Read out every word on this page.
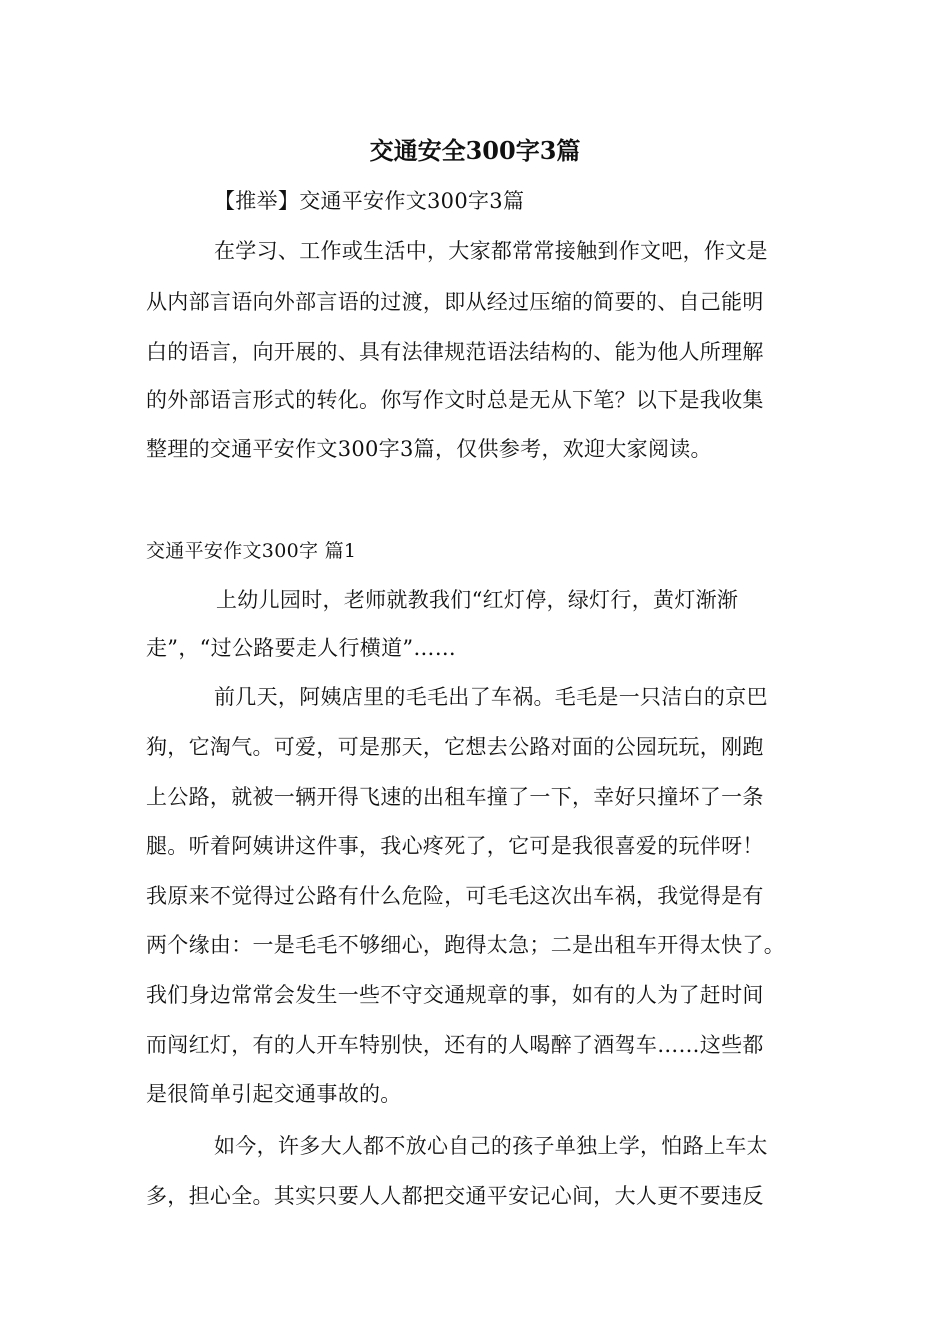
交通安全300字3篇
【推举】交通平安作文300字3篇
在学习、工作或生活中，大家都常常接触到作文吧，作文是
从内部言语向外部言语的过渡，即从经过压缩的简要的、自己能明
白的语言，向开展的、具有法律规范语法结构的、能为他人所理解
的外部语言形式的转化。你写作文时总是无从下笔？以下是我收集
整理的交通平安作文300字3篇，仅供参考，欢迎大家阅读。
交通平安作文300字 篇1
上幼儿园时，老师就教我们“红灯停，绿灯行，黄灯渐渐
走”，“过公路要走人行横道”……
前几天，阿姨店里的毛毛出了车祸。毛毛是一只洁白的京巴
狗，它淘气。可爱，可是那天，它想去公路对面的公园玩玩，刚跑
上公路，就被一辆开得飞速的出租车撞了一下，幸好只撞坏了一条
腿。听着阿姨讲这件事，我心疼死了，它可是我很喜爱的玩伴呀！
我原来不觉得过公路有什么危险，可毛毛这次出车祸，我觉得是有
两个缘由：一是毛毛不够细心，跑得太急；二是出租车开得太快了。
我们身边常常会发生一些不守交通规章的事，如有的人为了赶时间
而闯红灯，有的人开车特别快，还有的人喝醉了酒驾车……这些都
是很简单引起交通事故的。
如今，许多大人都不放心自己的孩子单独上学，怕路上车太
多，担心全。其实只要人人都把交通平安记心间，大人更不要违反
